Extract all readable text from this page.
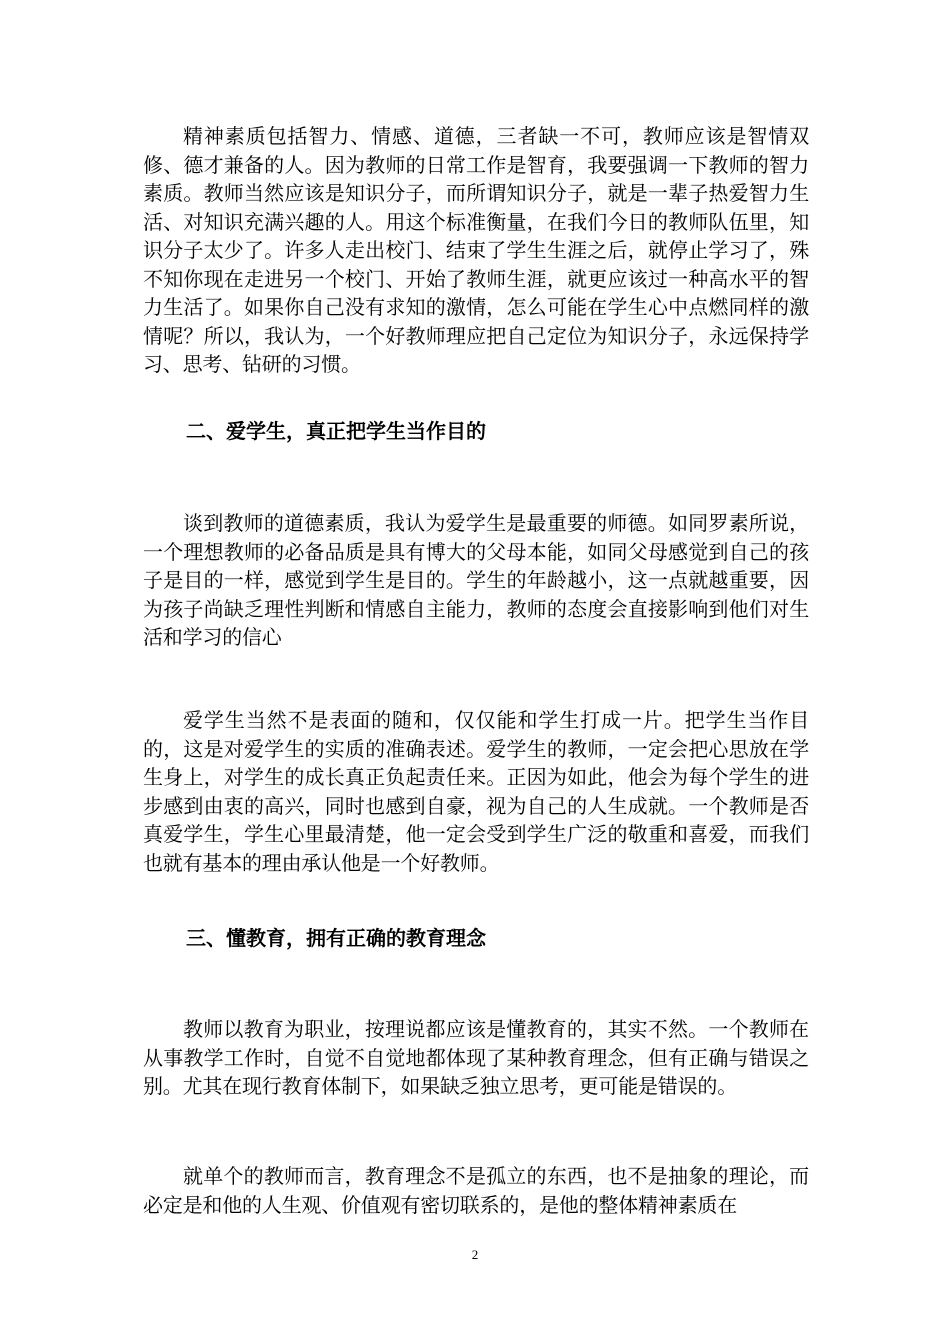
精神素质包括智力、情感、道德，三者缺一不可，教师应该是智情双修、德才兼备的人。因为教师的日常工作是智育，我要强调一下教师的智力素质。教师当然应该是知识分子，而所谓知识分子，就是一辈子热爱智力生活、对知识充满兴趣的人。用这个标准衡量，在我们今日的教师队伍里，知识分子太少了。许多人走出校门、结束了学生生涯之后，就停止学习了，殊不知你现在走进另一个校门、开始了教师生涯，就更应该过一种高水平的智力生活了。如果你自己没有求知的激情，怎么可能在学生心中点燃同样的激情呢？所以，我认为，一个好教师理应把自己定位为知识分子，永远保持学习、思考、钻研的习惯。

二、爱学生，真正把学生当作目的

谈到教师的道德素质，我认为爱学生是最重要的师德。如同罗素所说，一个理想教师的必备品质是具有博大的父母本能，如同父母感觉到自己的孩子是目的一样，感觉到学生是目的。学生的年龄越小，这一点就越重要，因为孩子尚缺乏理性判断和情感自主能力，教师的态度会直接影响到他们对生活和学习的信心

爱学生当然不是表面的随和，仅仅能和学生打成一片。把学生当作目的，这是对爱学生的实质的准确表述。爱学生的教师，一定会把心思放在学生身上，对学生的成长真正负起责任来。正因为如此，他会为每个学生的进步感到由衷的高兴，同时也感到自豪，视为自己的人生成就。一个教师是否真爱学生，学生心里最清楚，他一定会受到学生广泛的敬重和喜爱，而我们也就有基本的理由承认他是一个好教师。

三、懂教育，拥有正确的教育理念

教师以教育为职业，按理说都应该是懂教育的，其实不然。一个教师在从事教学工作时，自觉不自觉地都体现了某种教育理念，但有正确与错误之别。尤其在现行教育体制下，如果缺乏独立思考，更可能是错误的。

就单个的教师而言，教育理念不是孤立的东西，也不是抽象的理论，而必定是和他的人生观、价值观有密切联系的，是他的整体精神素质在

2
